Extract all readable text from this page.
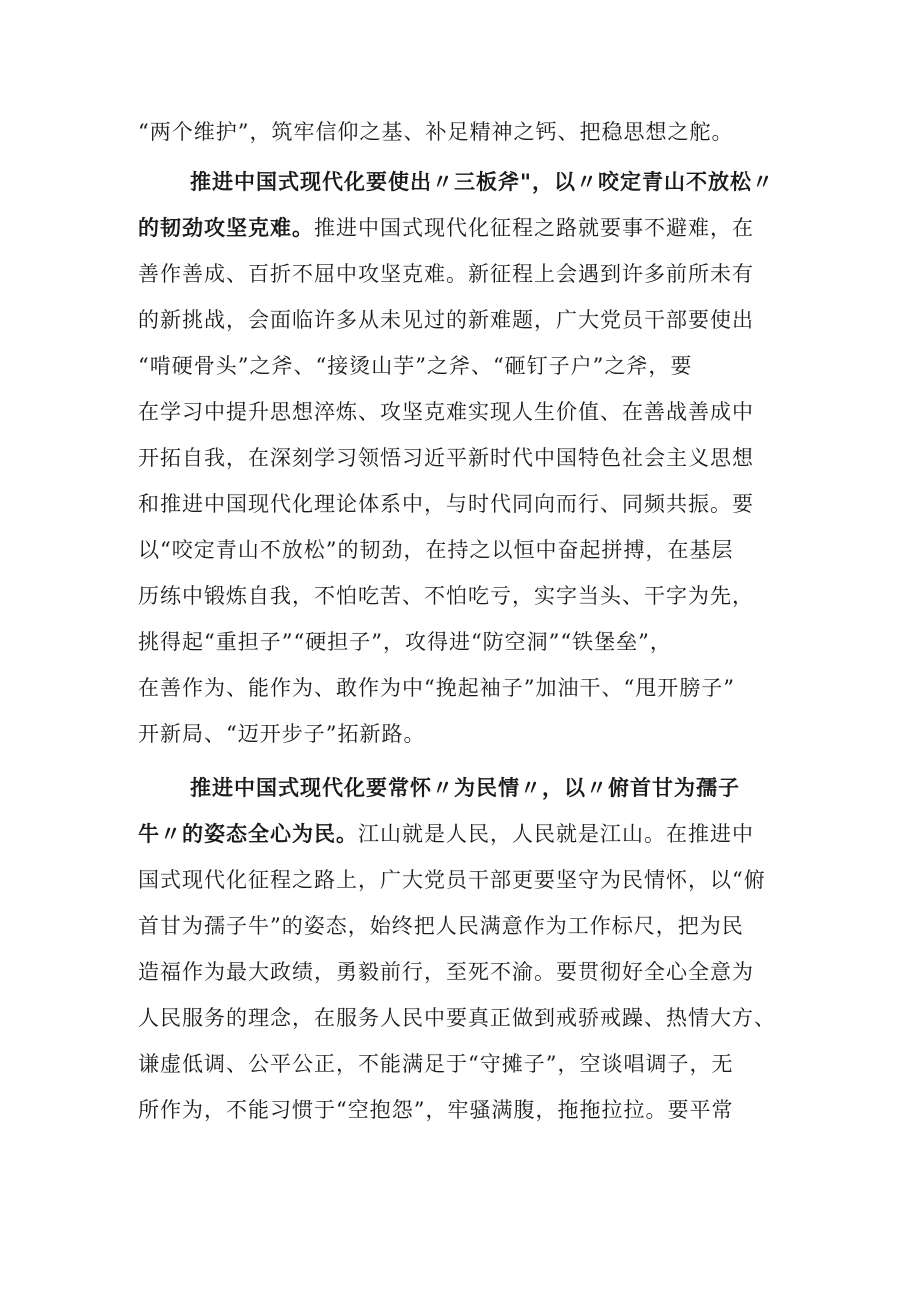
“两个维护”，筑牢信仰之基、补足精神之钙、把稳思想之舵。
推进中国式现代化要使出〃三板斧"，以〃咬定青山不放松〃
的韧劲攻坚克难。推进中国式现代化征程之路就要事不避难，在
善作善成、百折不屈中攻坚克难。新征程上会遇到许多前所未有
的新挑战，会面临许多从未见过的新难题，广大党员干部要使出
“啃硬骨头”之斧、“接烫山芋”之斧、“砸钉子户”之斧，要
在学习中提升思想淬炼、攻坚克难实现人生价值、在善战善成中
开拓自我，在深刻学习领悟习近平新时代中国特色社会主义思想
和推进中国现代化理论体系中，与时代同向而行、同频共振。要
以“咬定青山不放松”的韧劲，在持之以恒中奋起拼搏，在基层
历练中锻炼自我，不怕吃苦、不怕吃亏，实字当头、干字为先，
挑得起“重担子”“硬担子”，攻得进“防空洞”“铁堡垒”，
在善作为、能作为、敢作为中“挽起袖子”加油干、“甩开膀子”
开新局、“迈开步子”拓新路。
推进中国式现代化要常怀〃为民情〃，以〃俯首甘为孺子
牛〃的姿态全心为民。江山就是人民，人民就是江山。在推进中
国式现代化征程之路上，广大党员干部更要坚守为民情怀，以“俯
首甘为孺子牛”的姿态，始终把人民满意作为工作标尺，把为民
造福作为最大政绩，勇毅前行，至死不渝。要贯彻好全心全意为
人民服务的理念，在服务人民中要真正做到戒骄戒躁、热情大方、
谦虚低调、公平公正，不能满足于“守摊子”，空谈唱调子，无
所作为，不能习惯于“空抱怨”，牢骚满腹，拖拖拉拉。要平常
